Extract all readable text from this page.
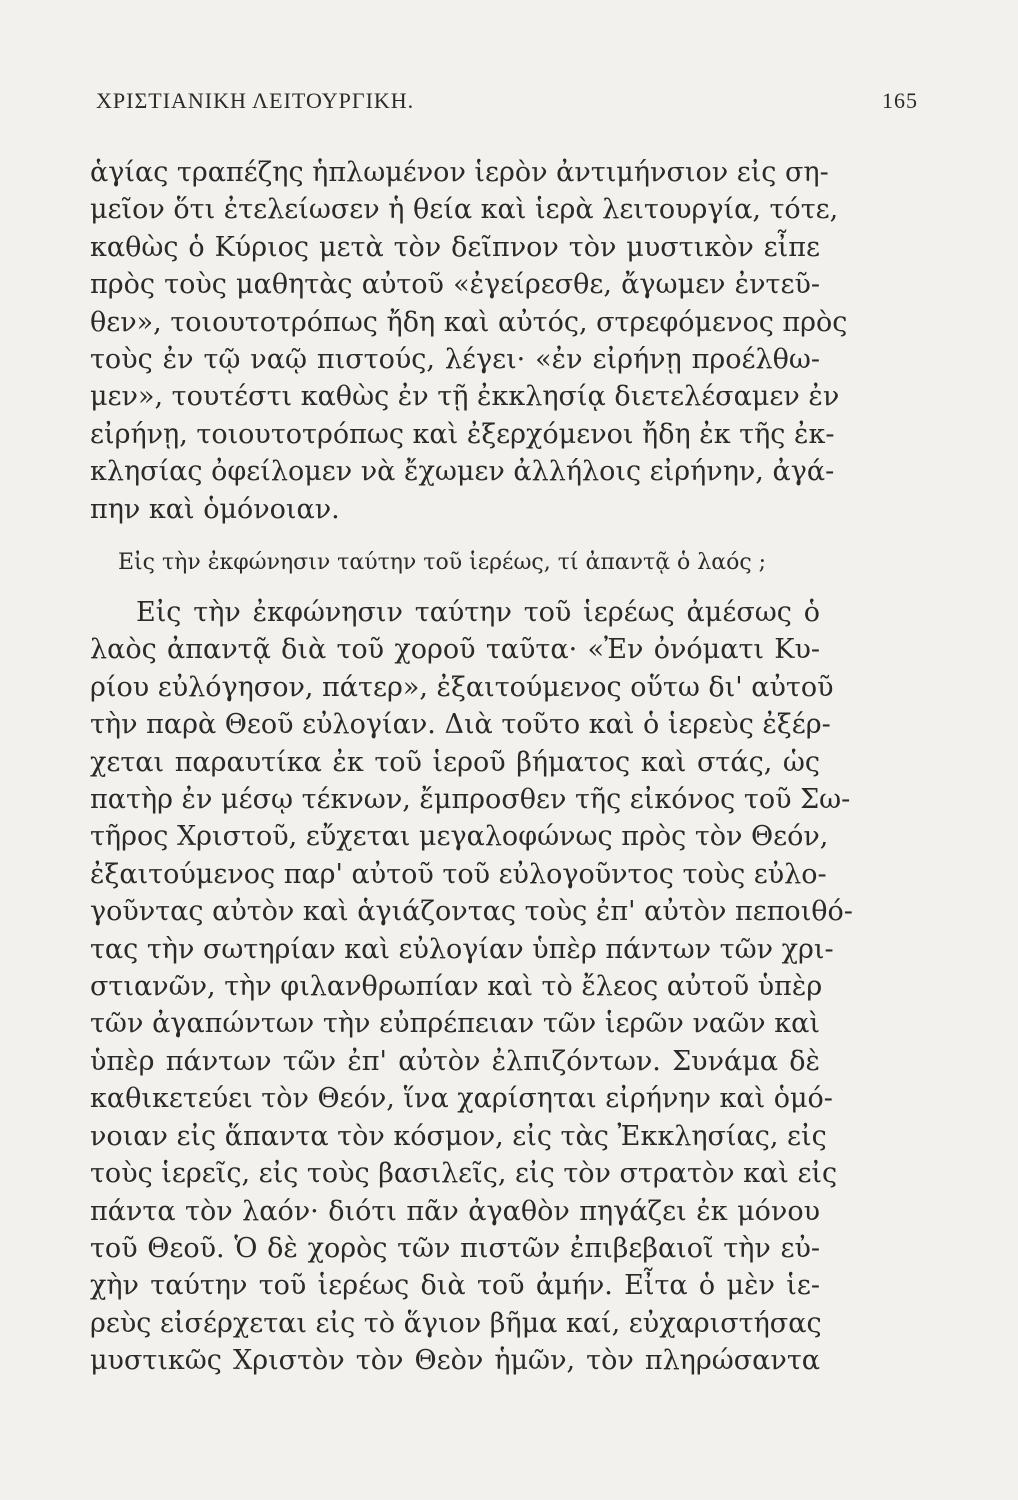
ΧΡΙΣΤΙΑΝΙΚΗ ΛΕΙΤΟΥΡΓΙΚΗ.	165
ἁγίας τραπέζης ἡπλωμένον ἱερὸν ἀντιμήνσιον εἰς ση-
μεῖον ὅτι ἐτελείωσεν ἡ θεία καὶ ἱερὰ λειτουργία, τότε,
καθὼς ὁ Κύριος μετὰ τὸν δεῖπνον τὸν μυστικὸν εἶπε
πρὸς τοὺς μαθητὰς αὐτοῦ «ἐγείρεσθε, ἄγωμεν ἐντεῦ-
θεν», τοιουτοτρόπως ἤδη καὶ αὐτός, στρεφόμενος πρὸς
τοὺς ἐν τῷ ναῷ πιστούς, λέγει· «ἐν εἰρήνῃ προέλθω-
μεν», τουτέστι καθὼς ἐν τῇ ἐκκλησίᾳ διετελέσαμεν ἐν
εἰρήνῃ, τοιουτοτρόπως καὶ ἐξερχόμενοι ἤδη ἐκ τῆς ἐκ-
κλησίας ὀφείλομεν νὰ ἔχωμεν ἀλλήλοις εἰρήνην, ἀγά-
πην καὶ ὁμόνοιαν.
Εἰς τὴν ἐκφώνησιν ταύτην τοῦ ἱερέως, τί ἀπαντᾷ ὁ λαός ;
Εἰς τὴν ἐκφώνησιν ταύτην τοῦ ἱερέως ἀμέσως ὁ
λαὸς ἀπαντᾷ διὰ τοῦ χοροῦ ταῦτα· «Ἐν ὀνόματι Κυ-
ρίου εὐλόγησον, πάτερ», ἐξαιτούμενος οὕτω δι' αὐτοῦ
τὴν παρὰ Θεοῦ εὐλογίαν. Διὰ τοῦτο καὶ ὁ ἱερεὺς ἐξέρ-
χεται παραυτίκα ἐκ τοῦ ἱεροῦ βήματος καὶ στάς, ὡς
πατὴρ ἐν μέσῳ τέκνων, ἔμπροσθεν τῆς εἰκόνος τοῦ Σω-
τῆρος Χριστοῦ, εὔχεται μεγαλοφώνως πρὸς τὸν Θεόν,
ἐξαιτούμενος παρ' αὐτοῦ τοῦ εὐλογοῦντος τοὺς εὐλο-
γοῦντας αὐτὸν καὶ ἁγιάζοντας τοὺς ἐπ' αὐτὸν πεποιθό-
τας τὴν σωτηρίαν καὶ εὐλογίαν ὑπὲρ πάντων τῶν χρι-
στιανῶν, τὴν φιλανθρωπίαν καὶ τὸ ἔλεος αὐτοῦ ὑπὲρ
τῶν ἀγαπώντων τὴν εὐπρέπειαν τῶν ἱερῶν ναῶν καὶ
ὑπὲρ πάντων τῶν ἐπ' αὐτὸν ἐλπιζόντων. Συνάμα δὲ
καθικετεύει τὸν Θεόν, ἵνα χαρίσηται εἰρήνην καὶ ὁμό-
νοιαν εἰς ἅπαντα τὸν κόσμον, εἰς τὰς Ἐκκλησίας, εἰς
τοὺς ἱερεῖς, εἰς τοὺς βασιλεῖς, εἰς τὸν στρατὸν καὶ εἰς
πάντα τὸν λαόν· διότι πᾶν ἀγαθὸν πηγάζει ἐκ μόνου
τοῦ Θεοῦ. Ὁ δὲ χορὸς τῶν πιστῶν ἐπιβεβαιοῖ τὴν εὐ-
χὴν ταύτην τοῦ ἱερέως διὰ τοῦ ἀμήν. Εἶτα ὁ μὲν ἱε-
ρεὺς εἰσέρχεται εἰς τὸ ἅγιον βῆμα καί, εὐχαριστήσας
μυστικῶς Χριστὸν τὸν Θεὸν ἡμῶν, τὸν πληρώσαντα
